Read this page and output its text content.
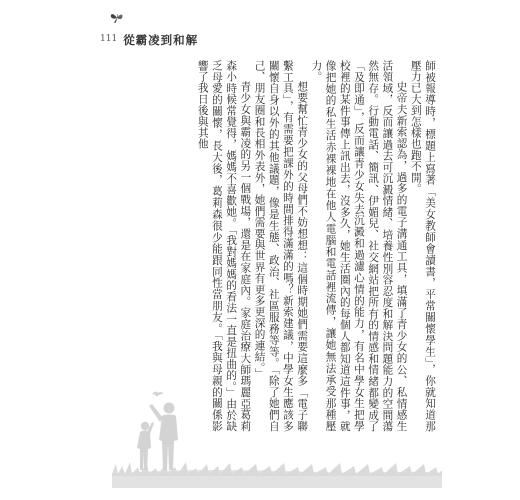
111 從霸凌到和解

師被報導時，標題上寫著「美女教師會讀書，平常關懷學生」，你就知道那壓力已大到怎樣也跑不開。

史帝夫新索認為，過多的電子溝通工具，填滿了青少女的公、私情感生活領域，反而讓過去可沉澱情緒、培養性別容忍度和解決問題能力的空間蕩然無存。行動電話、簡訊、伊媚兒、社交網站把所有的情感和情緒都變成了「及即通」，反而讓青少女失去沉澱和過濾心情的能力，有名中學女生把學校裡的某件事傳上訊出去，沒多久，她生活圈內的每個人都知道這件事，就像把她的私生活赤裸裸地在他人電腦和電話裡流傳，讓她無法承受那種壓力。

想要幫忙青少女的父母們不妨想想：這個時期她們需要這麼多「電子聯繫工具」，有需要把課外的時間排得滿滿的嗎？新索建議，中學女生應該多關懷自身以外的其他議題，像是生態、政治、社區服務等等。「除了她們自己、朋友圈和長相外表外，她們需要與世界有更多更深的連結。」

青少女與霸凌的另一個戰場，還是在家庭內。家庭治療大師瑪麗亞葛莉森小時候常覺得，媽媽不喜歡她。「我對媽媽的看法一直是扭曲的。」由於缺乏母愛的關懷，長大後，葛莉森很少能跟同性當朋友。「我與母親的關係影響了我日後與其他
